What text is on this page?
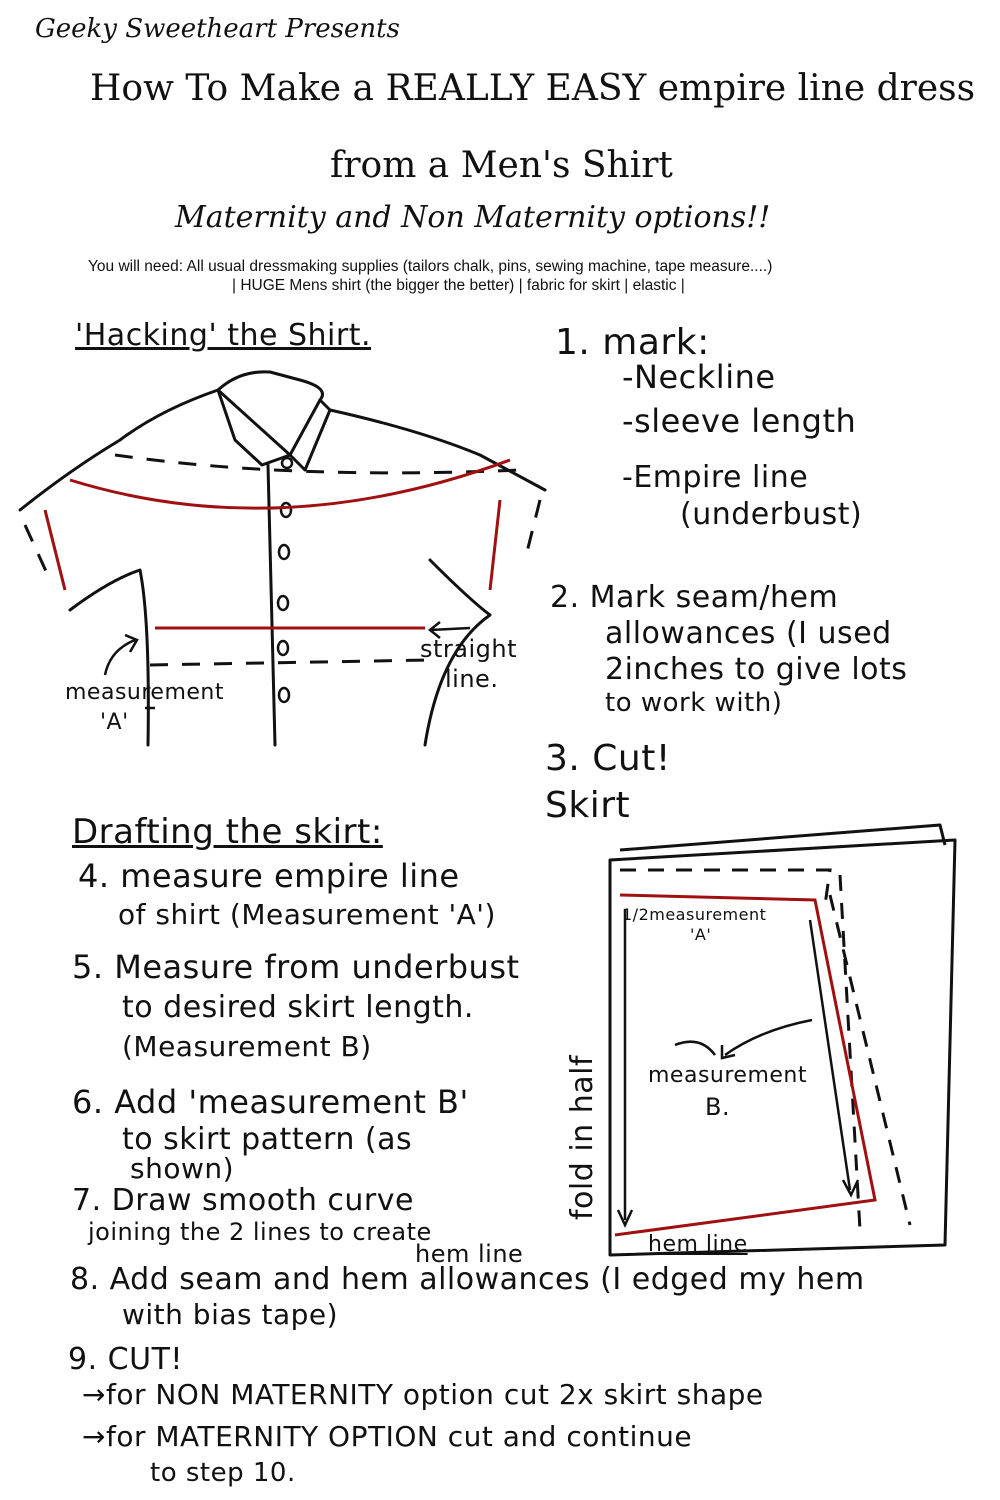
Geeky Sweetheart Presents
How To Make a REALLY EASY empire line dress
from a Men's Shirt
Maternity and Non Maternity options!!
You will need: All usual dressmaking supplies (tailors chalk, pins, sewing machine, tape measure....)
| HUGE Mens shirt (the bigger the better) | fabric for skirt | elastic |
'Hacking' the Shirt.
measurement
'A'
straight
line.
1. mark:
-Neckline
-sleeve length
-Empire line
(underbust)
2. Mark seam/hem
allowances (I used
2inches to give lots
to work with)
3. Cut!
Skirt
1/2measurement
'A'
measurement
B.
fold in half
hem line
Drafting the skirt:
4. measure empire line
of shirt (Measurement 'A')
5. Measure from underbust
to desired skirt length.
(Measurement B)
6. Add 'measurement B'
to skirt pattern (as
shown)
7. Draw smooth curve
joining the 2 lines to create
hem line
8. Add seam and hem allowances (I edged my hem
with bias tape)
9. CUT!
→for NON MATERNITY option cut 2x skirt shape
→for MATERNITY OPTION cut and continue
to step 10.
